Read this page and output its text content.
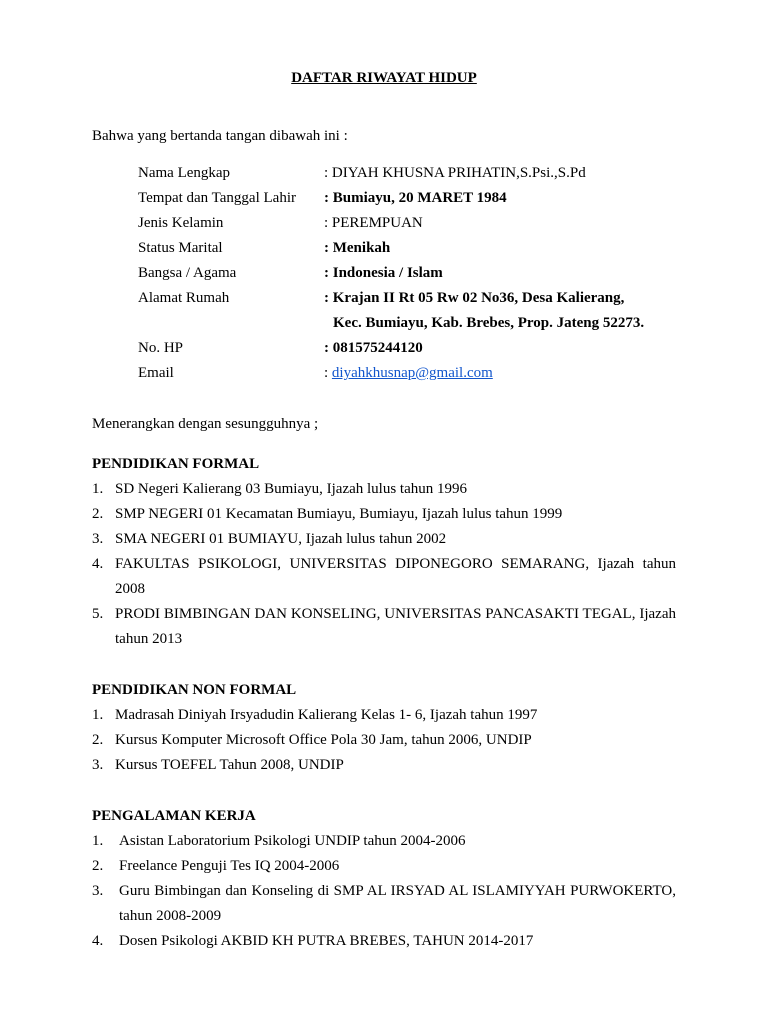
DAFTAR RIWAYAT HIDUP
Bahwa yang bertanda tangan dibawah ini :
Nama Lengkap	: DIYAH KHUSNA PRIHATIN,S.Psi.,S.Pd
Tempat dan Tanggal Lahir	: Bumiayu, 20 MARET 1984
Jenis Kelamin	: PEREMPUAN
Status Marital	: Menikah
Bangsa / Agama	: Indonesia / Islam
Alamat Rumah	: Krajan II Rt 05 Rw 02 No36, Desa Kalierang,
Kec. Bumiayu, Kab. Brebes, Prop. Jateng 52273.
No. HP	: 081575244120
Email	: diyahkhusnap@gmail.com
Menerangkan dengan sesungguhnya ;
PENDIDIKAN FORMAL
1. SD Negeri Kalierang 03 Bumiayu, Ijazah lulus tahun 1996
2. SMP NEGERI 01 Kecamatan Bumiayu, Bumiayu, Ijazah lulus tahun 1999
3. SMA NEGERI 01 BUMIAYU, Ijazah lulus tahun 2002
4. FAKULTAS PSIKOLOGI, UNIVERSITAS DIPONEGORO SEMARANG, Ijazah tahun 2008
5. PRODI BIMBINGAN DAN KONSELING, UNIVERSITAS PANCASAKTI TEGAL, Ijazah tahun 2013
PENDIDIKAN NON FORMAL
1. Madrasah Diniyah Irsyadudin Kalierang Kelas 1- 6, Ijazah tahun 1997
2. Kursus Komputer Microsoft Office Pola 30 Jam, tahun 2006, UNDIP
3. Kursus TOEFEL Tahun 2008, UNDIP
PENGALAMAN KERJA
1. Asistan Laboratorium Psikologi UNDIP tahun 2004-2006
2. Freelance Penguji Tes IQ 2004-2006
3. Guru Bimbingan dan Konseling di SMP AL IRSYAD AL ISLAMIYYAH PURWOKERTO, tahun 2008-2009
4. Dosen Psikologi AKBID KH PUTRA BREBES, TAHUN 2014-2017
